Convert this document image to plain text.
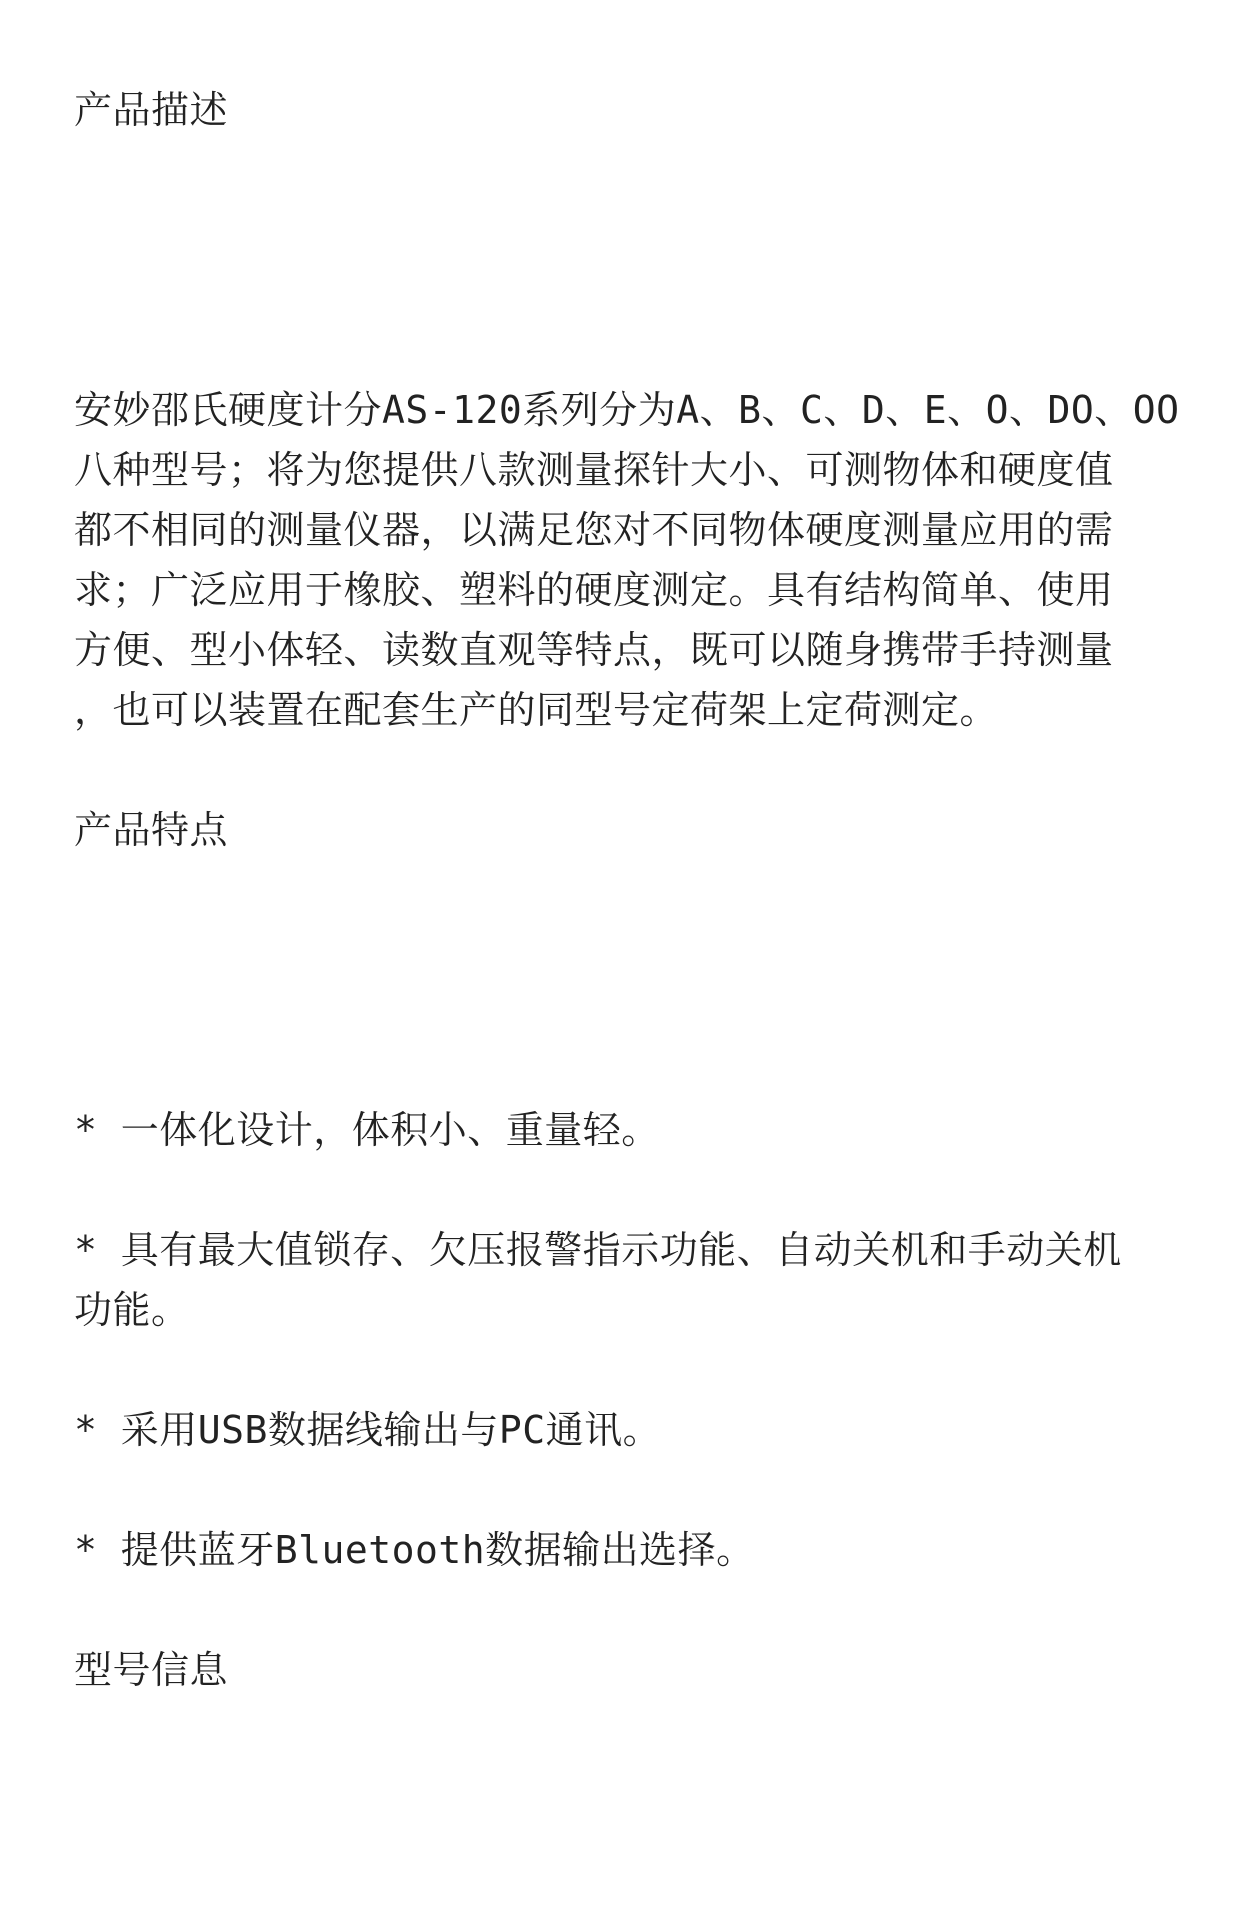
产品描述

安妙邵氏硬度计分AS-120系列分为A、B、C、D、E、O、DO、OO
八种型号；将为您提供八款测量探针大小、可测物体和硬度值
都不相同的测量仪器，以满足您对不同物体硬度测量应用的需
求；广泛应用于橡胶、塑料的硬度测定。具有结构简单、使用
方便、型小体轻、读数直观等特点，既可以随身携带手持测量
，也可以装置在配套生产的同型号定荷架上定荷测定。

产品特点

* 一体化设计，体积小、重量轻。

* 具有最大值锁存、欠压报警指示功能、自动关机和手动关机
功能。

* 采用USB数据线输出与PC通讯。

* 提供蓝牙Bluetooth数据输出选择。

型号信息
